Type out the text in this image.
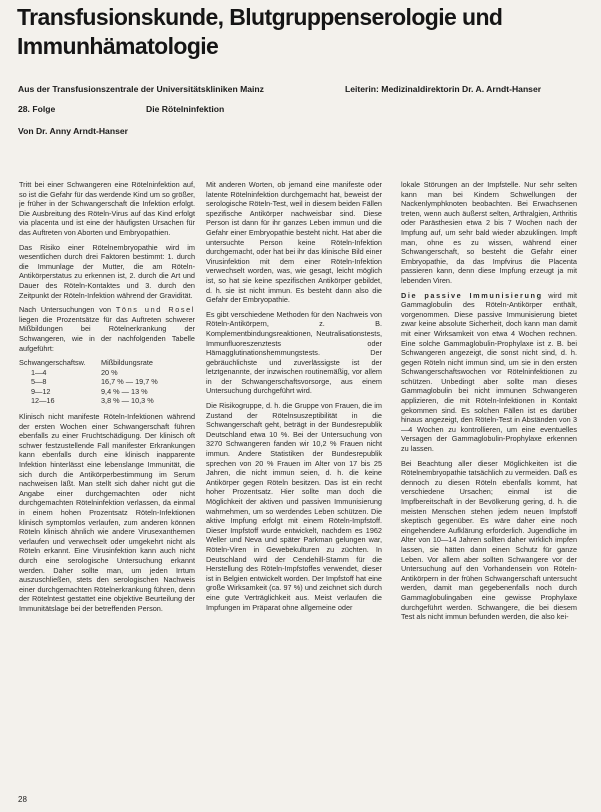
Transfusionskunde, Blutgruppenserologie und Immunhämatologie
Aus der Transfusionszentrale der Universitätskliniken Mainz	Leiterin: Medizinaldirektorin Dr. A. Arndt-Hanser
28. Folge	Die Rötelninfektion
Von Dr. Anny Arndt-Hanser

Tritt bei einer Schwangeren eine Rötelninfektion auf, so ist die Gefahr für das werdende Kind um so größer, je früher in der Schwangerschaft die Infektion erfolgt. Die Ausbreitung des Röteln-Virus auf das Kind erfolgt via placenta und ist eine der häufigsten Ursachen für das Auftreten von Aborten und Embryopathien.

Das Risiko einer Rötelnembryopathie wird im wesentlichen durch drei Faktoren bestimmt: 1. durch die Immunlage der Mutter, die am Röteln-Antikörperstatus zu erkennen ist, 2. durch die Art und Dauer des Röteln-Kontaktes und 3. durch den Zeitpunkt der Röteln-Infektion während der Gravidität.

Nach Untersuchungen von Töns und Rosel liegen die Prozentsätze für das Auftreten schwerer Mißbildungen bei Rötelnerkrankung der Schwangeren, wie in der nachfolgenden Tabelle aufgeführt:

Schwangerschaftsw.	Mißbildungsrate
1—4	20 %
5—8	16,7 % — 19,7 %
9—12	9,4 % — 13 %
12—16	3,8 % — 10,3 %

Klinisch nicht manifeste Röteln-Infektionen während der ersten Wochen einer Schwangerschaft führen ebenfalls zu einer Fruchtschädigung. Der klinisch oft schwer festzustellende Fall manifester Erkrankungen kann ebenfalls durch eine klinisch inapparente Infektion hinterlässt eine lebenslange Immunität, die sich durch die Antikörperbestimmung im Serum nachweisen läßt. Man stellt sich daher nicht gut die Angabe einer durchgemachten oder nicht durchgemachten Rötelninfektion verlassen, da einmal in einem hohen Prozentsatz Röteln-Infektionen klinisch symptomlos verlaufen, zum anderen können Röteln klinisch ähnlich wie andere Virusexanthemen verlaufen und verwechselt oder umgekehrt nicht als Röteln erkannt. Eine Virusinfektion kann auch nicht durch eine serologische Untersuchung erkannt werden. Daher sollte man, um jeden Irrtum auszuschließen, stets den serologischen Nachweis einer durchgemachten Rötelnerkrankung führen, denn der Rötelntest gestattet eine objektive Beurteilung der Immunitätslage bei der betreffenden Person.

Mit anderen Worten, ob jemand eine manifeste oder latente Rötelninfektion durchgemacht hat, beweist der serologische Röteln-Test, weil in diesem beiden Fällen spezifische Antikörper nachweisbar sind. Diese Person ist dann für ihr ganzes Leben immun und die Gefahr einer Embryopathie besteht nicht. Hat aber die untersuchte Person keine Röteln-Infektion durchgemacht, oder hat bei ihr das klinische Bild einer Virusinfektion mit dem einer Röteln-Infektion verwechselt worden, was, wie gesagt, leicht möglich ist, so hat sie keine spezifischen Antikörper gebildet, d. h. sie ist nicht immun. Es besteht dann also die Gefahr der Embryopathie.

Es gibt verschiedene Methoden für den Nachweis von Röteln-Antikörpern, z. B. Komplementbindungsreaktionen, Neutralisationstests, Immunfluoreszenztests oder Hämagglutinationshemmungstests. Der gebräuchlichste und zuverlässigste ist der letztgenannte, der inzwischen routinemäßig, vor allem in der Schwangerschaftsvorsorge, aus einem Untersuchung durchgeführt wird.

Die Risikogruppe, d. h. die Gruppe von Frauen, die im Zustand der Rötelnsuszeptibilität in die Schwangerschaft geht, beträgt in der Bundesrepublik Deutschland etwa 10 %. Bei der Untersuchung von 3270 Schwangeren fanden wir 10,2 % Frauen nicht immun. Andere Statistiken der Bundesrepublik sprechen von 20 % Frauen im Alter von 17 bis 25 Jahren, die nicht immun seien, d. h. die keine Antikörper gegen Röteln besitzen. Das ist ein recht hoher Prozentsatz. Hier sollte man doch die Möglichkeit der aktiven und passiven Immunisierung wahrnehmen, um so werdendes Leben schützen. Die aktive Impfung erfolgt mit einem Röteln-Impfstoff. Dieser Impfstoff wurde entwickelt, nachdem es 1962 Weller und Neva und später Parkman gelungen war, Röteln-Viren in Gewebekulturen zu züchten. In Deutschland wird der Cendehill-Stamm für die Herstellung des Röteln-Impfstoffes verwendet, dieser ist in Belgien entwickelt worden. Der Impfstoff hat eine große Wirksamkeit (ca. 97 %) und zeichnet sich durch eine gute Verträglichkeit aus. Meist verlaufen die Impfungen im Präparat ohne allgemeine oder

lokale Störungen an der Impfstelle. Nur sehr selten kann man bei Kindern Schwellungen der Nackenlymphknoten beobachten. Bei Erwachsenen treten, wenn auch äußerst selten, Arthralgien, Arthritis oder Parästhesien etwa 2 bis 7 Wochen nach der Impfung auf, um sehr bald wieder abzuklingen. Impft man, ohne es zu wissen, während einer Schwangerschaft, so besteht die Gefahr einer Embryopathie, da das Impfvirus die Placenta passieren kann, denn diese Impfung erzeugt ja mit lebenden Viren.

Die passive Immunisierung wird mit Gammaglobulin des Röteln-Antikörper enthält, vorgenommen. Diese passive Immunisierung bietet zwar keine absolute Sicherheit, doch kann man damit mit einer Wirksamkeit von etwa 4 Wochen rechnen. Eine solche Gammaglobulin-Prophylaxe ist z. B. bei Schwangeren angezeigt, die sonst nicht sind, d. h. gegen Röteln nicht immun sind, um sie in den ersten Schwangerschaftswochen vor Rötelninfektionen zu schützen. Unbedingt aber sollte man dieses Gammaglobulin bei nicht immunen Schwangeren applizieren, die mit Röteln-Infektionen in Kontakt gekommen sind. Es solchen Fällen ist es darüber hinaus angezeigt, den Röteln-Test in Abständen von 3—4 Wochen zu kontrollieren, um eine eventuelles Versagen der Gammaglobulin-Prophylaxe erkennen zu lassen.

Bei Beachtung aller dieser Möglichkeiten ist die Rötelnembryopathie tatsächlich zu vermeiden. Daß es dennoch zu diesen Röteln ebenfalls kommt, hat verschiedene Ursachen; einmal ist die Impfbereitschaft in der Bevölkerung gering, d. h. die meisten Menschen stehen jedem neuen Impfstoff skeptisch gegenüber. Es wäre daher eine noch eingehendere Aufklärung erforderlich. Jugendliche im Alter von 10—14 Jahren sollten daher wirklich impfen lassen, sie hätten dann einen Schutz für ganze Leben. Vor allem aber sollten Schwangere vor der Untersuchung auf den Vorhandensein von Röteln-Antikörpern in der frühen Schwangerschaft untersucht werden, damit man gegebenenfalls noch durch Gammaglobulingaben eine gewisse Prophylaxe durchgeführt werden. Schwangere, die bei diesem Test als nicht immun befunden werden, die also kei-

28
